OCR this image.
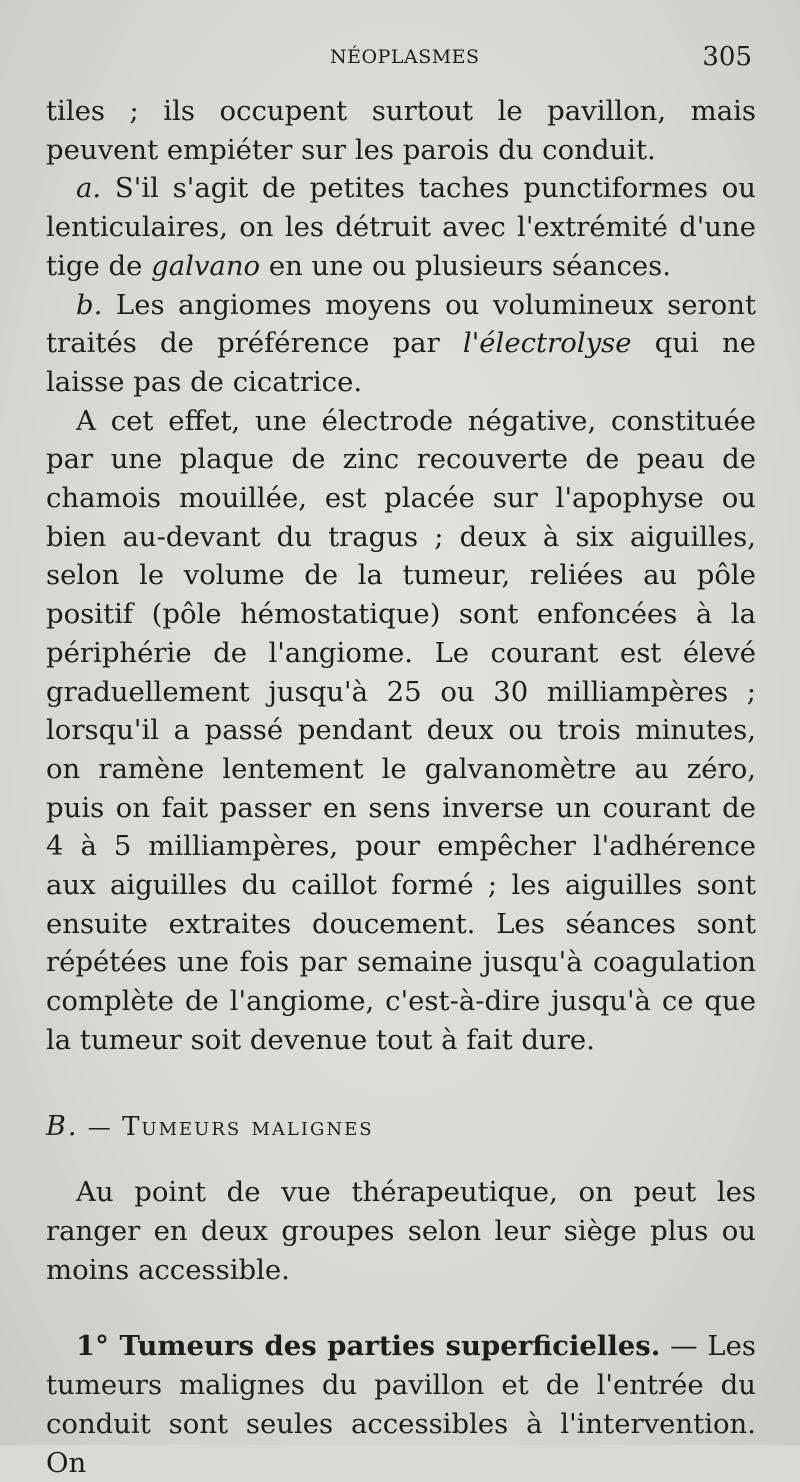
NÉOPLASMES	305

tiles ; ils occupent surtout le pavillon, mais peuvent empiéter sur les parois du conduit.

a. S'il s'agit de petites taches punctiformes ou lenticulaires, on les détruit avec l'extrémité d'une tige de galvano en une ou plusieurs séances.

b. Les angiomes moyens ou volumineux seront traités de préférence par l'électrolyse qui ne laisse pas de cicatrice.

A cet effet, une électrode négative, constituée par une plaque de zinc recouverte de peau de chamois mouillée, est placée sur l'apophyse ou bien au-devant du tragus ; deux à six aiguilles, selon le volume de la tumeur, reliées au pôle positif (pôle hémostatique) sont enfoncées à la périphérie de l'angiome. Le courant est élevé graduellement jusqu'à 25 ou 30 milliampères ; lorsqu'il a passé pendant deux ou trois minutes, on ramène lentement le galvanomètre au zéro, puis on fait passer en sens inverse un courant de 4 à 5 milliampères, pour empêcher l'adhérence aux aiguilles du caillot formé ; les aiguilles sont ensuite extraites doucement. Les séances sont répétées une fois par semaine jusqu'à coagulation complète de l'angiome, c'est-à-dire jusqu'à ce que la tumeur soit devenue tout à fait dure.

B. — Tumeurs malignes

Au point de vue thérapeutique, on peut les ranger en deux groupes selon leur siège plus ou moins accessible.

1° Tumeurs des parties superficielles. — Les tumeurs malignes du pavillon et de l'entrée du conduit sont seules accessibles à l'intervention. On
